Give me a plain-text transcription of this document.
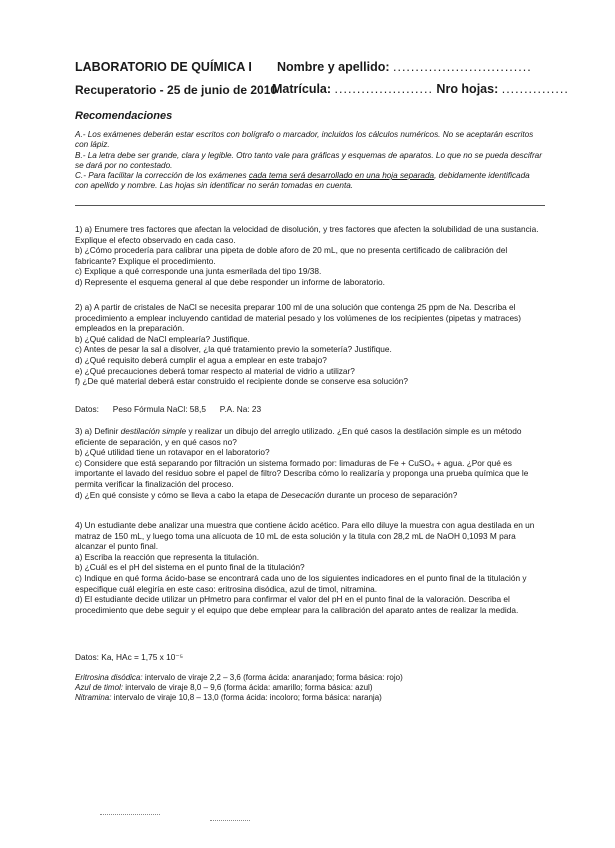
LABORATORIO DE QUÍMICA I Nombre y apellido: ...............................
Recuperatorio - 25 de junio de 2010
Matrícula: ...................... Nro hojas: ...............
Recomendaciones
A.- Los exámenes deberán estar escritos con bolígrafo o marcador, incluidos los cálculos numéricos. No se aceptarán escritos con lápiz.
B.- La letra debe ser grande, clara y legible. Otro tanto vale para gráficas y esquemas de aparatos. Lo que no se pueda descifrar se dará por no contestado.
C.- Para facilitar la corrección de los exámenes cada tema será desarrollado en una hoja separada, debidamente identificada con apellido y nombre. Las hojas sin identificar no serán tomadas en cuenta.

1) a) Enumere tres factores que afectan la velocidad de disolución, y tres factores que afecten la solubilidad de una sustancia. Explique el efecto observado en cada caso.

b) ¿Cómo procedería para calibrar una pipeta de doble aforo de 20 mL, que no presenta certificado de calibración del fabricante? Explique el procedimiento.

c) Explique a qué corresponde una junta esmerilada del tipo 19/38.

d) Represente el esquema general al que debe responder un informe de laboratorio.

2) a) A partir de cristales de NaCl se necesita preparar 100 ml de una solución que contenga 25 ppm de Na. Describa el procedimiento a emplear incluyendo cantidad de material pesado y los volúmenes de los recipientes (pipetas y matraces) empleados en la preparación.

b) ¿Qué calidad de NaCl emplearía? Justifique.

c) Antes de pesar la sal a disolver, ¿la qué tratamiento previo la sometería? Justifique.

d) ¿Qué requisito deberá cumplir el agua a emplear en este trabajo?

e) ¿Qué precauciones deberá tomar respecto al material de vidrio a utilizar?

f) ¿De qué material deberá estar construido el recipiente donde se conserve esa solución?

Datos:      Peso Fórmula NaCl: 58,5      P.A. Na: 23

3) a) Definir destilación simple y realizar un dibujo del arreglo utilizado. ¿En qué casos la destilación simple es un método eficiente de separación, y en qué casos no?

b) ¿Qué utilidad tiene un rotavapor en el laboratorio?

c) Considere que está separando por filtración un sistema formado por: limaduras de Fe + CuSO₄ + agua. ¿Por qué es importante el lavado del residuo sobre el papel de filtro? Describa cómo lo realizaría y proponga una prueba química que le permita verificar la finalización del proceso.

d) ¿En qué consiste y cómo se lleva a cabo la etapa de Desecación durante un proceso de separación?

4) Un estudiante debe analizar una muestra que contiene ácido acético. Para ello diluye la muestra con agua destilada en un matraz de 150 mL, y luego toma una alícuota de 10 mL de esta solución y la titula con 28,2 mL de NaOH 0,1093 M para alcanzar el punto final.

a) Escriba la reacción que representa la titulación.

b) ¿Cuál es el pH del sistema en el punto final de la titulación?

c) Indique en qué forma ácido-base se encontrará cada uno de los siguientes indicadores en el punto final de la titulación y especifique cuál elegiría en este caso: eritrosina disódica, azul de timol, nitramina.

d) El estudiante decide utilizar un pHmetro para confirmar el valor del pH en el punto final de la valoración. Describa el procedimiento que debe seguir y el equipo que debe emplear para la calibración del aparato antes de realizar la medida.

Datos: Ka, HAc = 1,75 x 10⁻⁵

Eritrosina disódica: intervalo de viraje 2,2 – 3,6 (forma ácida: anaranjado; forma básica: rojo)

Azul de timol: intervalo de viraje 8,0 – 9,6 (forma ácida: amarillo; forma básica: azul)

Nitramina: intervalo de viraje 10,8 – 13,0 (forma ácida: incoloro; forma básica: naranja)
